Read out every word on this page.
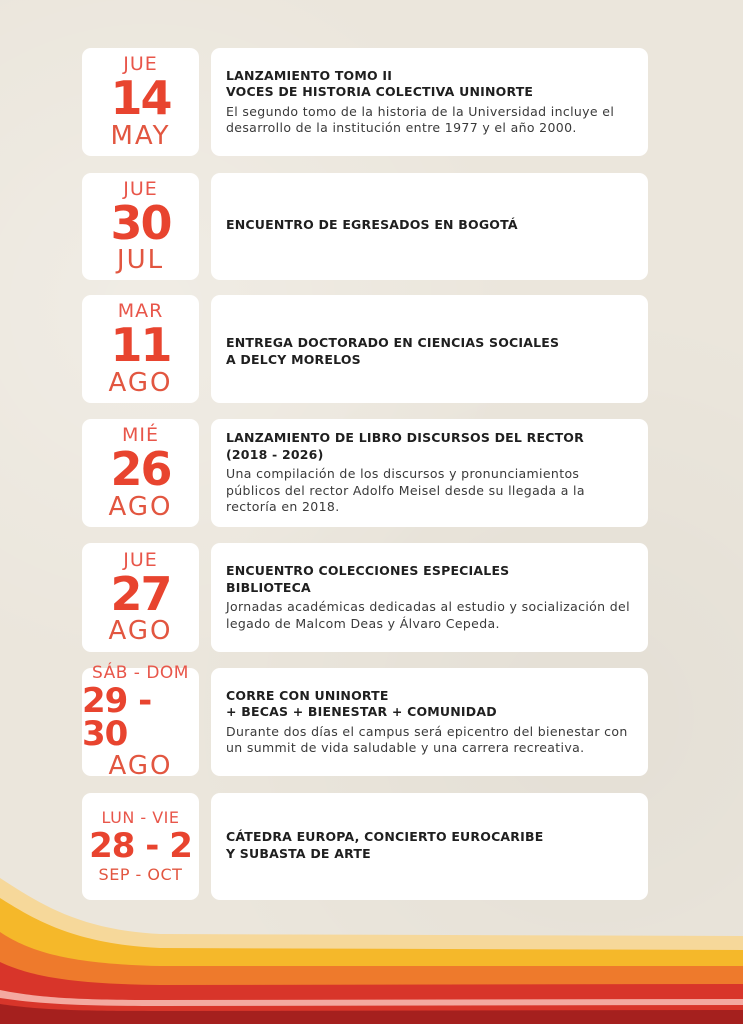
JUE
14
MAY
LANZAMIENTO TOMO II
VOCES DE HISTORIA COLECTIVA UNINORTE
El segundo tomo de la historia de la Universidad incluye el desarrollo de la institución entre 1977 y el año 2000.
JUE
30
JUL
ENCUENTRO DE EGRESADOS EN BOGOTÁ
MAR
11
AGO
ENTREGA DOCTORADO EN CIENCIAS SOCIALES
A DELCY MORELOS
MIÉ
26
AGO
LANZAMIENTO DE LIBRO DISCURSOS DEL RECTOR
(2018 - 2026)
Una compilación de los discursos y pronunciamientos públicos del rector Adolfo Meisel desde su llegada a la rectoría en 2018.
JUE
27
AGO
ENCUENTRO COLECCIONES ESPECIALES
BIBLIOTECA
Jornadas académicas dedicadas al estudio y socialización del legado de Malcom Deas y Álvaro Cepeda.
SÁB - DOM
29 - 30
AGO
CORRE CON UNINORTE
+ BECAS + BIENESTAR + COMUNIDAD
Durante dos días el campus será epicentro del bienestar con un summit de vida saludable y una carrera recreativa.
LUN - VIE
28 - 2
SEP - OCT
CÁTEDRA EUROPA, CONCIERTO EUROCARIBE
Y SUBASTA DE ARTE
